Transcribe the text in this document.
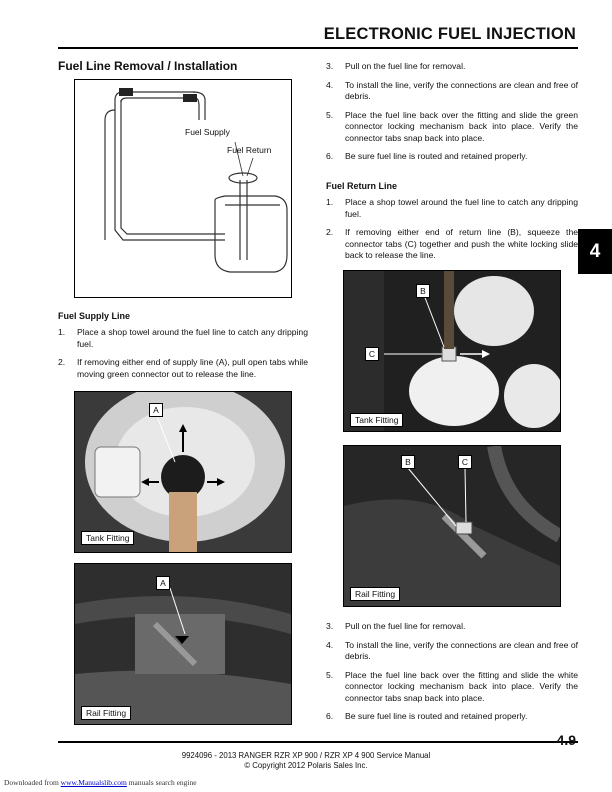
ELECTRONIC FUEL INJECTION
4
Fuel Line Removal / Installation
Fuel Supply
Fuel Return
Fuel Supply Line
1. Place a shop towel around the fuel line to catch any dripping fuel.
2. If removing either end of supply line (A), pull open tabs while moving green connector out to release the line.
A
Tank Fitting
A
Rail Fitting
3. Pull on the fuel line for removal.
4. To install the line, verify the connections are clean and free of debris.
5. Place the fuel line back over the fitting and slide the green connector locking mechanism back into place. Verify the connector tabs snap back into place.
6. Be sure fuel line is routed and retained properly.
Fuel Return Line
1. Place a shop towel around the fuel line to catch any dripping fuel.
2. If removing either end of return line (B), squeeze the connector tabs (C) together and push the white locking slide back to release the line.
B
C
Tank Fitting
B	C
Rail Fitting
3. Pull on the fuel line for removal.
4. To install the line, verify the connections are clean and free of debris.
5. Place the fuel line back over the fitting and slide the white connector locking mechanism back into place. Verify the connector tabs snap back into place.
6. Be sure fuel line is routed and retained properly.
4.9
9924096 - 2013 RANGER RZR XP 900 / RZR XP 4 900 Service Manual
© Copyright 2012 Polaris Sales Inc.
Downloaded from www.Manualslib.com manuals search engine
